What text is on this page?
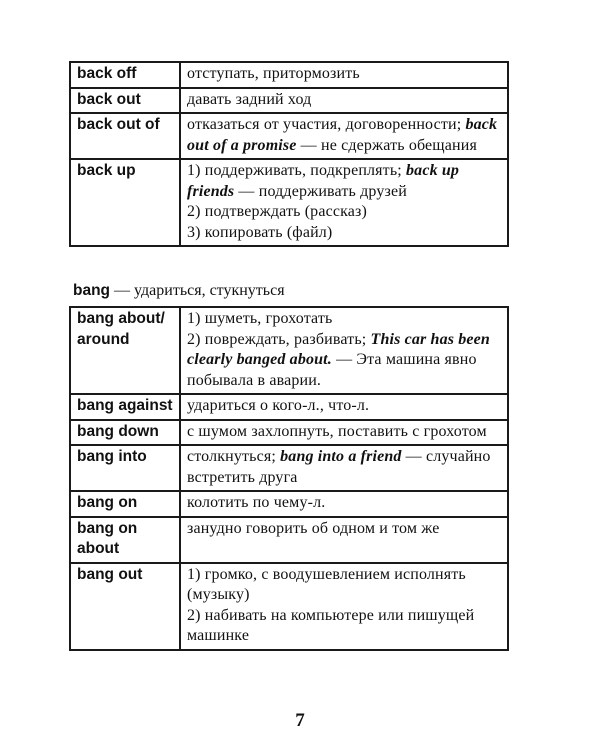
back off	отступать, притормозить
back out	давать задний ход
back out of	отказаться от участия, договоренности; back out of a promise — не сдержать обещания
back up	1) поддерживать, подкреплять; back up friends — поддерживать друзей
2) подтверждать (рассказ)
3) копировать (файл)
bang — удариться, стукнуться
bang about/ around	1) шуметь, грохотать
2) повреждать, разбивать; This car has been clearly banged about. — Эта машина явно побывала в аварии.
bang against	удариться о кого-л., что-л.
bang down	с шумом захлопнуть, поставить с грохотом
bang into	столкнуться; bang into a friend — случайно встретить друга
bang on	колотить по чему-л.
bang on about	занудно говорить об одном и том же
bang out	1) громко, с воодушевлением исполнять (музыку)
2) набивать на компьютере или пишущей машинке
7
